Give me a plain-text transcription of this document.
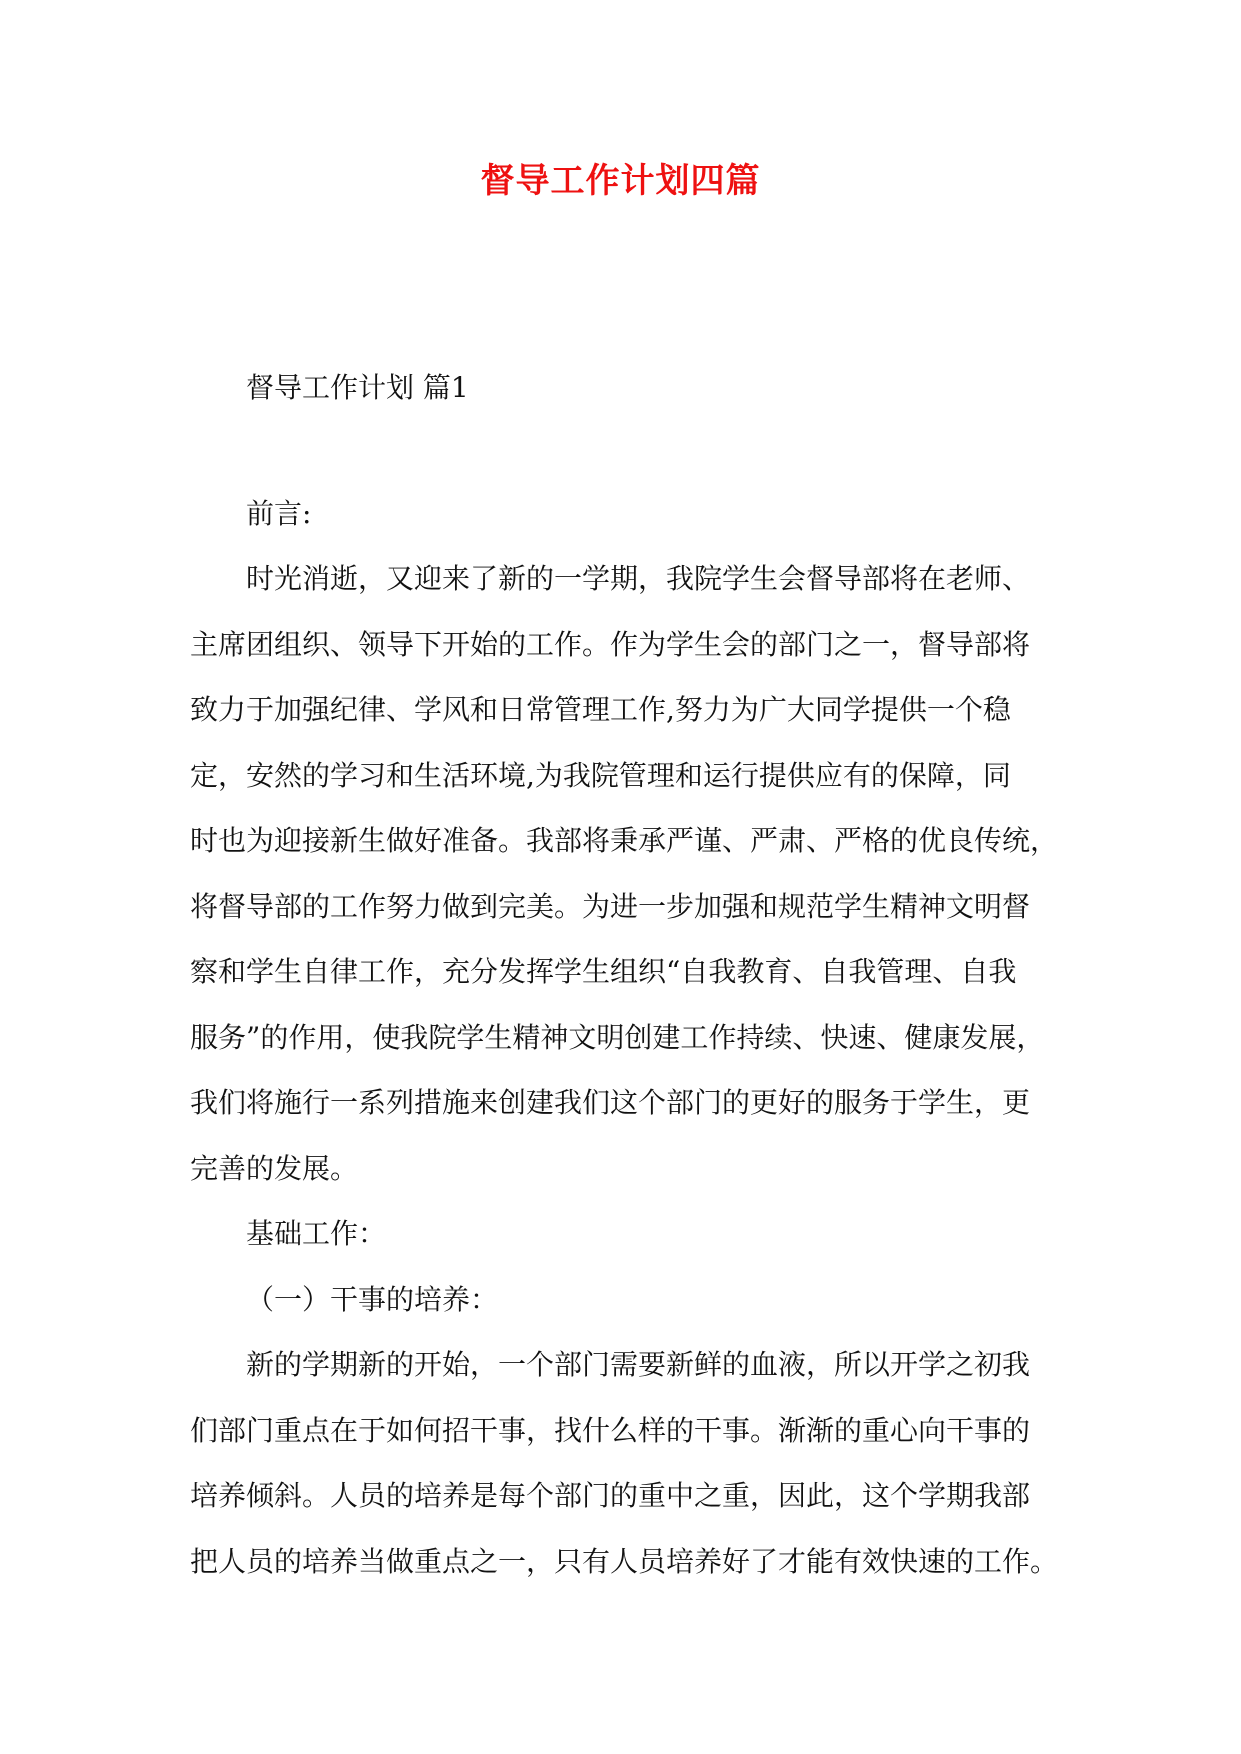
督导工作计划四篇
督导工作计划 篇1
前言:
时光消逝，又迎来了新的一学期，我院学生会督导部将在老师、
主席团组织、领导下开始的工作。作为学生会的部门之一，督导部将
致力于加强纪律、学风和日常管理工作,努力为广大同学提供一个稳
定，安然的学习和生活环境,为我院管理和运行提供应有的保障，同
时也为迎接新生做好准备。我部将秉承严谨、严肃、严格的优良传统，
将督导部的工作努力做到完美。为进一步加强和规范学生精神文明督
察和学生自律工作，充分发挥学生组织“自我教育、自我管理、自我
服务”的作用，使我院学生精神文明创建工作持续、快速、健康发展，
我们将施行一系列措施来创建我们这个部门的更好的服务于学生，更
完善的发展。
基础工作：
（一）干事的培养：
新的学期新的开始，一个部门需要新鲜的血液，所以开学之初我
们部门重点在于如何招干事，找什么样的干事。渐渐的重心向干事的
培养倾斜。人员的培养是每个部门的重中之重，因此，这个学期我部
把人员的培养当做重点之一，只有人员培养好了才能有效快速的工作。
